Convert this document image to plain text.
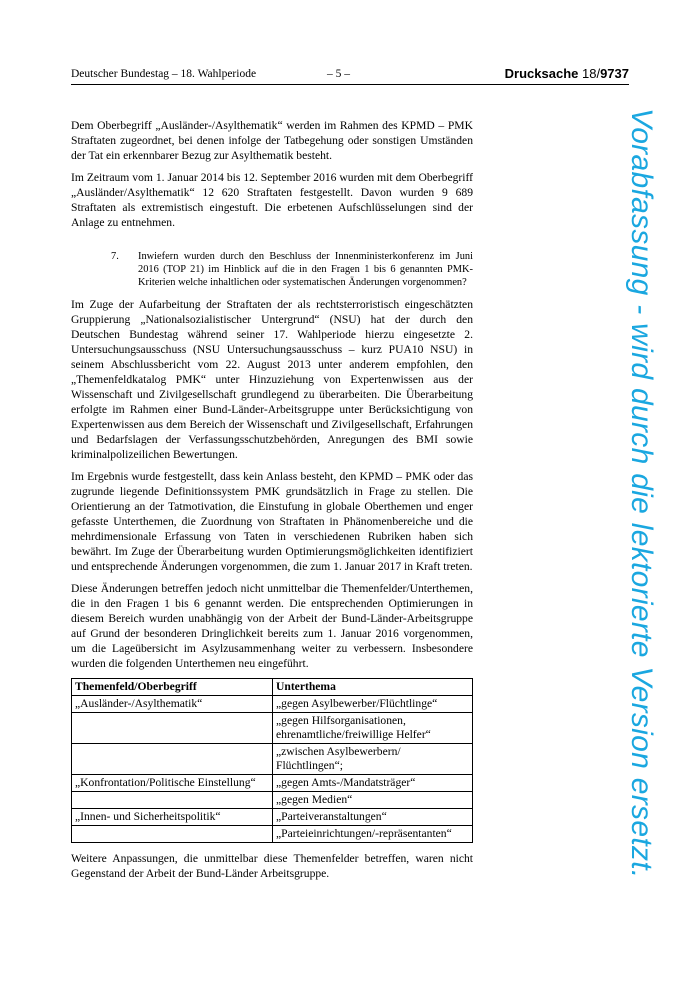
Deutscher Bundestag – 18. Wahlperiode	– 5 –	Drucksache 18/9737

Dem Oberbegriff „Ausländer-/Asylthematik“ werden im Rahmen des KPMD – PMK Straftaten zugeordnet, bei denen infolge der Tatbegehung oder sonstigen Umständen der Tat ein erkennbarer Bezug zur Asylthematik besteht.

Im Zeitraum vom 1. Januar 2014 bis 12. September 2016 wurden mit dem Oberbegriff „Ausländer/Asylthematik“ 12 620 Straftaten festgestellt. Davon wurden 9 689 Straftaten als extremistisch eingestuft. Die erbetenen Aufschlüsselungen sind der Anlage zu entnehmen.

7. Inwiefern wurden durch den Beschluss der Innenministerkonferenz im Juni 2016 (TOP 21) im Hinblick auf die in den Fragen 1 bis 6 genannten PMK-Kriterien welche inhaltlichen oder systematischen Änderungen vorgenommen?

Im Zuge der Aufarbeitung der Straftaten der als rechtsterroristisch eingeschätzten Gruppierung „Nationalsozialistischer Untergrund“ (NSU) hat der durch den Deutschen Bundestag während seiner 17. Wahlperiode hierzu eingesetzte 2. Untersuchungsausschuss (NSU Untersuchungsausschuss – kurz PUA10 NSU) in seinem Abschlussbericht vom 22. August 2013 unter anderem empfohlen, den „Themenfeldkatalog PMK“ unter Hinzuziehung von Expertenwissen aus der Wissenschaft und Zivilgesellschaft grundlegend zu überarbeiten. Die Überarbeitung erfolgte im Rahmen einer Bund-Länder-Arbeitsgruppe unter Berücksichtigung von Expertenwissen aus dem Bereich der Wissenschaft und Zivilgesellschaft, Erfahrungen und Bedarfslagen der Verfassungsschutzbehörden, Anregungen des BMI sowie kriminalpolizeilichen Bewertungen.

Im Ergebnis wurde festgestellt, dass kein Anlass besteht, den KPMD – PMK oder das zugrunde liegende Definitionssystem PMK grundsätzlich in Frage zu stellen. Die Orientierung an der Tatmotivation, die Einstufung in globale Oberthemen und enger gefasste Unterthemen, die Zuordnung von Straftaten in Phänomenbereiche und die mehrdimensionale Erfassung von Taten in verschiedenen Rubriken haben sich bewährt. Im Zuge der Überarbeitung wurden Optimierungsmöglichkeiten identifiziert und entsprechende Änderungen vorgenommen, die zum 1. Januar 2017 in Kraft treten.

Diese Änderungen betreffen jedoch nicht unmittelbar die Themenfelder/Unterthemen, die in den Fragen 1 bis 6 genannt werden. Die entsprechenden Optimierungen in diesem Bereich wurden unabhängig von der Arbeit der Bund-Länder-Arbeitsgruppe auf Grund der besonderen Dringlichkeit bereits zum 1. Januar 2016 vorgenommen, um die Lageübersicht im Asylzusammenhang weiter zu verbessern. Insbesondere wurden die folgenden Unterthemen neu eingeführt.

Themenfeld/Oberbegriff	Unterthema
„Ausländer-/Asylthematik“	„gegen Asylbewerber/Flüchtlinge“
	„gegen Hilfsorganisationen, ehrenamtliche/freiwillige Helfer“
	„zwischen Asylbewerbern/ Flüchtlingen“;
„Konfrontation/Politische Einstellung“	„gegen Amts-/Mandatsträger“
	„gegen Medien“
„Innen- und Sicherheitspolitik“	„Parteiveranstaltungen“
	„Parteieinrichtungen/-repräsentanten“

Weitere Anpassungen, die unmittelbar diese Themenfelder betreffen, waren nicht Gegenstand der Arbeit der Bund-Länder Arbeitsgruppe.	Vorabfassung - wird durch die lektorierte Version ersetzt.
